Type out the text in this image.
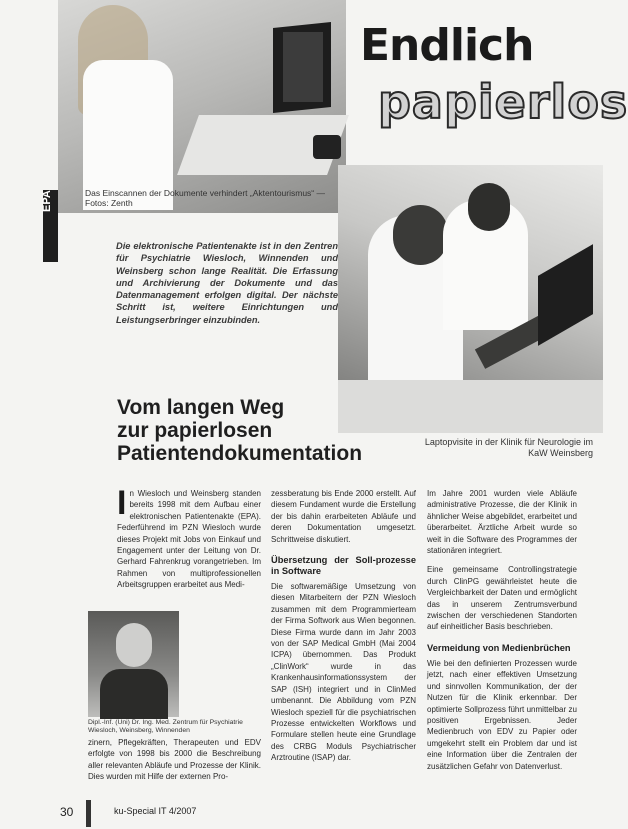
Endlich
papierlos
EPA	Das Einscannen der Dokumente verhindert „Aktentourismus“ — Fotos: Zenth
Die elektronische Patientenakte ist in den Zentren für Psychiatrie Wiesloch, Winnenden und Weinsberg schon lange Realität. Die Erfassung und Archivierung der Dokumente und das Datenmanagement erfolgen digital. Der nächste Schritt ist, weitere Einrichtungen und Leistungserbringer einzubinden.
Vom langen Weg
zur papierlosen
Patientendokumentation	Laptopvisite in der Klinik für Neurologie im KaW Weinsberg
I n Wiesloch und Weinsberg standen bereits 1998 mit dem Aufbau einer elektronischen Patientenakte (EPA). Federführend im PZN Wiesloch wurde dieses Projekt mit Jobs von Einkauf und Engagement unter der Leitung von Dr. Gerhard Fahrenkrug vorangetrieben. Im Rahmen von multiprofessionellen Arbeitsgruppen erarbeitet aus Medi-
Dipl.-Inf. (Uni) Dr. Ing. Med. Zentrum für Psychiatrie Wiesloch, Weinsberg, Winnenden

zinern, Pflegekräften, Therapeuten und EDV erfolgte von 1998 bis 2000 die Beschreibung aller relevanten Abläufe und Prozesse der Klinik. Dies wurden mit Hilfe der externen Pro-

zessberatung bis Ende 2000 erstellt. Auf diesem Fundament wurde die Erstellung der bis dahin erarbeiteten Abläufe und deren Dokumentation umgesetzt. Schrittweise diskutiert.

Übersetzung der Soll-prozesse in Software

Die softwaremäßige Umsetzung von diesen Mitarbeitern der PZN Wiesloch zusammen mit dem Programmierteam der Firma Softwork aus Wien begonnen. Diese Firma wurde dann im Jahr 2003 von der SAP Medical GmbH (Mai 2004 ICPA) übernommen. Das Produkt „ClinWork“ wurde in das Krankenhausinformationssystem der SAP (ISH) integriert und in ClinMed umbenannt. Die Abbildung vom PZN Wiesloch speziell für die psychiatrischen Prozesse entwickelten Workflows und Formulare stellen heute eine Grundlage des CRBG Moduls Psychiatrischer Arztroutine (ISAP) dar.

Im Jahre 2001 wurden viele Abläufe administrative Prozesse, die der Klinik in ähnlicher Weise abgebildet, erarbeitet und überarbeitet. Ärztliche Arbeit wurde so weit in die Software des Programmes der stationären integriert.

Eine gemeinsame Controllingstrategie durch ClinPG gewährleistet heute die Vergleichbarkeit der Daten und ermöglicht das in unserem Zentrumsverbund zwischen der verschiedenen Standorten auf einheitlicher Basis beschrieben.

Vermeidung von Medienbrüchen

Wie bei den definierten Prozessen wurde jetzt, nach einer effektiven Umsetzung und sinnvollen Kommunikation, der der Nutzen für die Klinik erkennbar. Der optimierte Sollprozess führt unmittelbar zu positiven Ergebnissen. Jeder Medienbruch von EDV zu Papier oder umgekehrt stellt ein Problem dar und ist eine Information über die Zentralen der zusätzlichen Gefahr von Datenverlust.

30	ku-Special IT 4/2007
